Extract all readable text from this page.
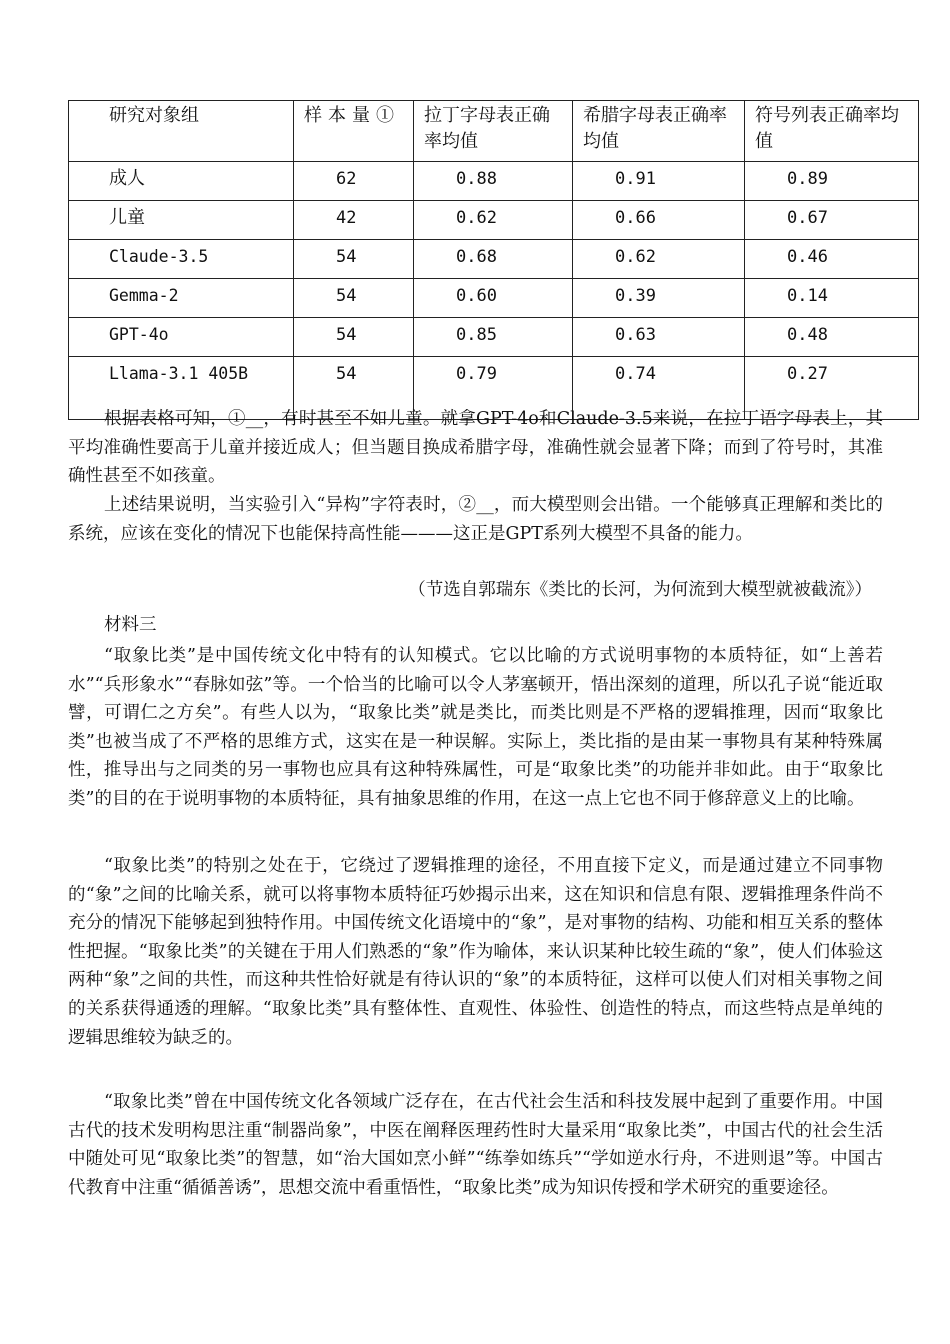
研究对象组	样本量①	拉丁字母表正确率均值	希腊字母表正确率均值	符号列表正确率均值
成人	62	0.88	0.91	0.89
儿童	42	0.62	0.66	0.67
Claude-3.5	54	0.68	0.62	0.46
Gemma-2	54	0.60	0.39	0.14
GPT-4o	54	0.85	0.63	0.48
Llama-3.1 405B	54	0.79	0.74	0.27

根据表格可知，①__，有时甚至不如儿童。就拿GPT-4o和Claude-3.5来说，在拉丁语字母表上，其平均准确性要高于儿童并接近成人；但当题目换成希腊字母，准确性就会显著下降；而到了符号时，其准确性甚至不如孩童。

上述结果说明，当实验引入“异构”字符表时，②__，而大模型则会出错。一个能够真正理解和类比的系统，应该在变化的情况下也能保持高性能———这正是GPT系列大模型不具备的能力。

（节选自郭瑞东《类比的长河，为何流到大模型就被截流》）
材料三

“取象比类”是中国传统文化中特有的认知模式。它以比喻的方式说明事物的本质特征，如“上善若水”“兵形象水”“春脉如弦”等。一个恰当的比喻可以令人茅塞顿开，悟出深刻的道理，所以孔子说“能近取譬，可谓仁之方矣”。有些人以为，“取象比类”就是类比，而类比则是不严格的逻辑推理，因而“取象比类”也被当成了不严格的思维方式，这实在是一种误解。实际上，类比指的是由某一事物具有某种特殊属性，推导出与之同类的另一事物也应具有这种特殊属性，可是“取象比类”的功能并非如此。由于“取象比类”的目的在于说明事物的本质特征，具有抽象思维的作用，在这一点上它也不同于修辞意义上的比喻。

“取象比类”的特别之处在于，它绕过了逻辑推理的途径，不用直接下定义，而是通过建立不同事物的“象”之间的比喻关系，就可以将事物本质特征巧妙揭示出来，这在知识和信息有限、逻辑推理条件尚不充分的情况下能够起到独特作用。中国传统文化语境中的“象”，是对事物的结构、功能和相互关系的整体性把握。“取象比类”的关键在于用人们熟悉的“象”作为喻体，来认识某种比较生疏的“象”，使人们体验这两种“象”之间的共性，而这种共性恰好就是有待认识的“象”的本质特征，这样可以使人们对相关事物之间的关系获得通透的理解。“取象比类”具有整体性、直观性、体验性、创造性的特点，而这些特点是单纯的逻辑思维较为缺乏的。

“取象比类”曾在中国传统文化各领域广泛存在，在古代社会生活和科技发展中起到了重要作用。中国古代的技术发明构思注重“制器尚象”，中医在阐释医理药性时大量采用“取象比类”，中国古代的社会生活中随处可见“取象比类”的智慧，如“治大国如烹小鲜”“练拳如练兵”“学如逆水行舟，不进则退”等。中国古代教育中注重“循循善诱”，思想交流中看重悟性，“取象比类”成为知识传授和学术研究的重要途径。
